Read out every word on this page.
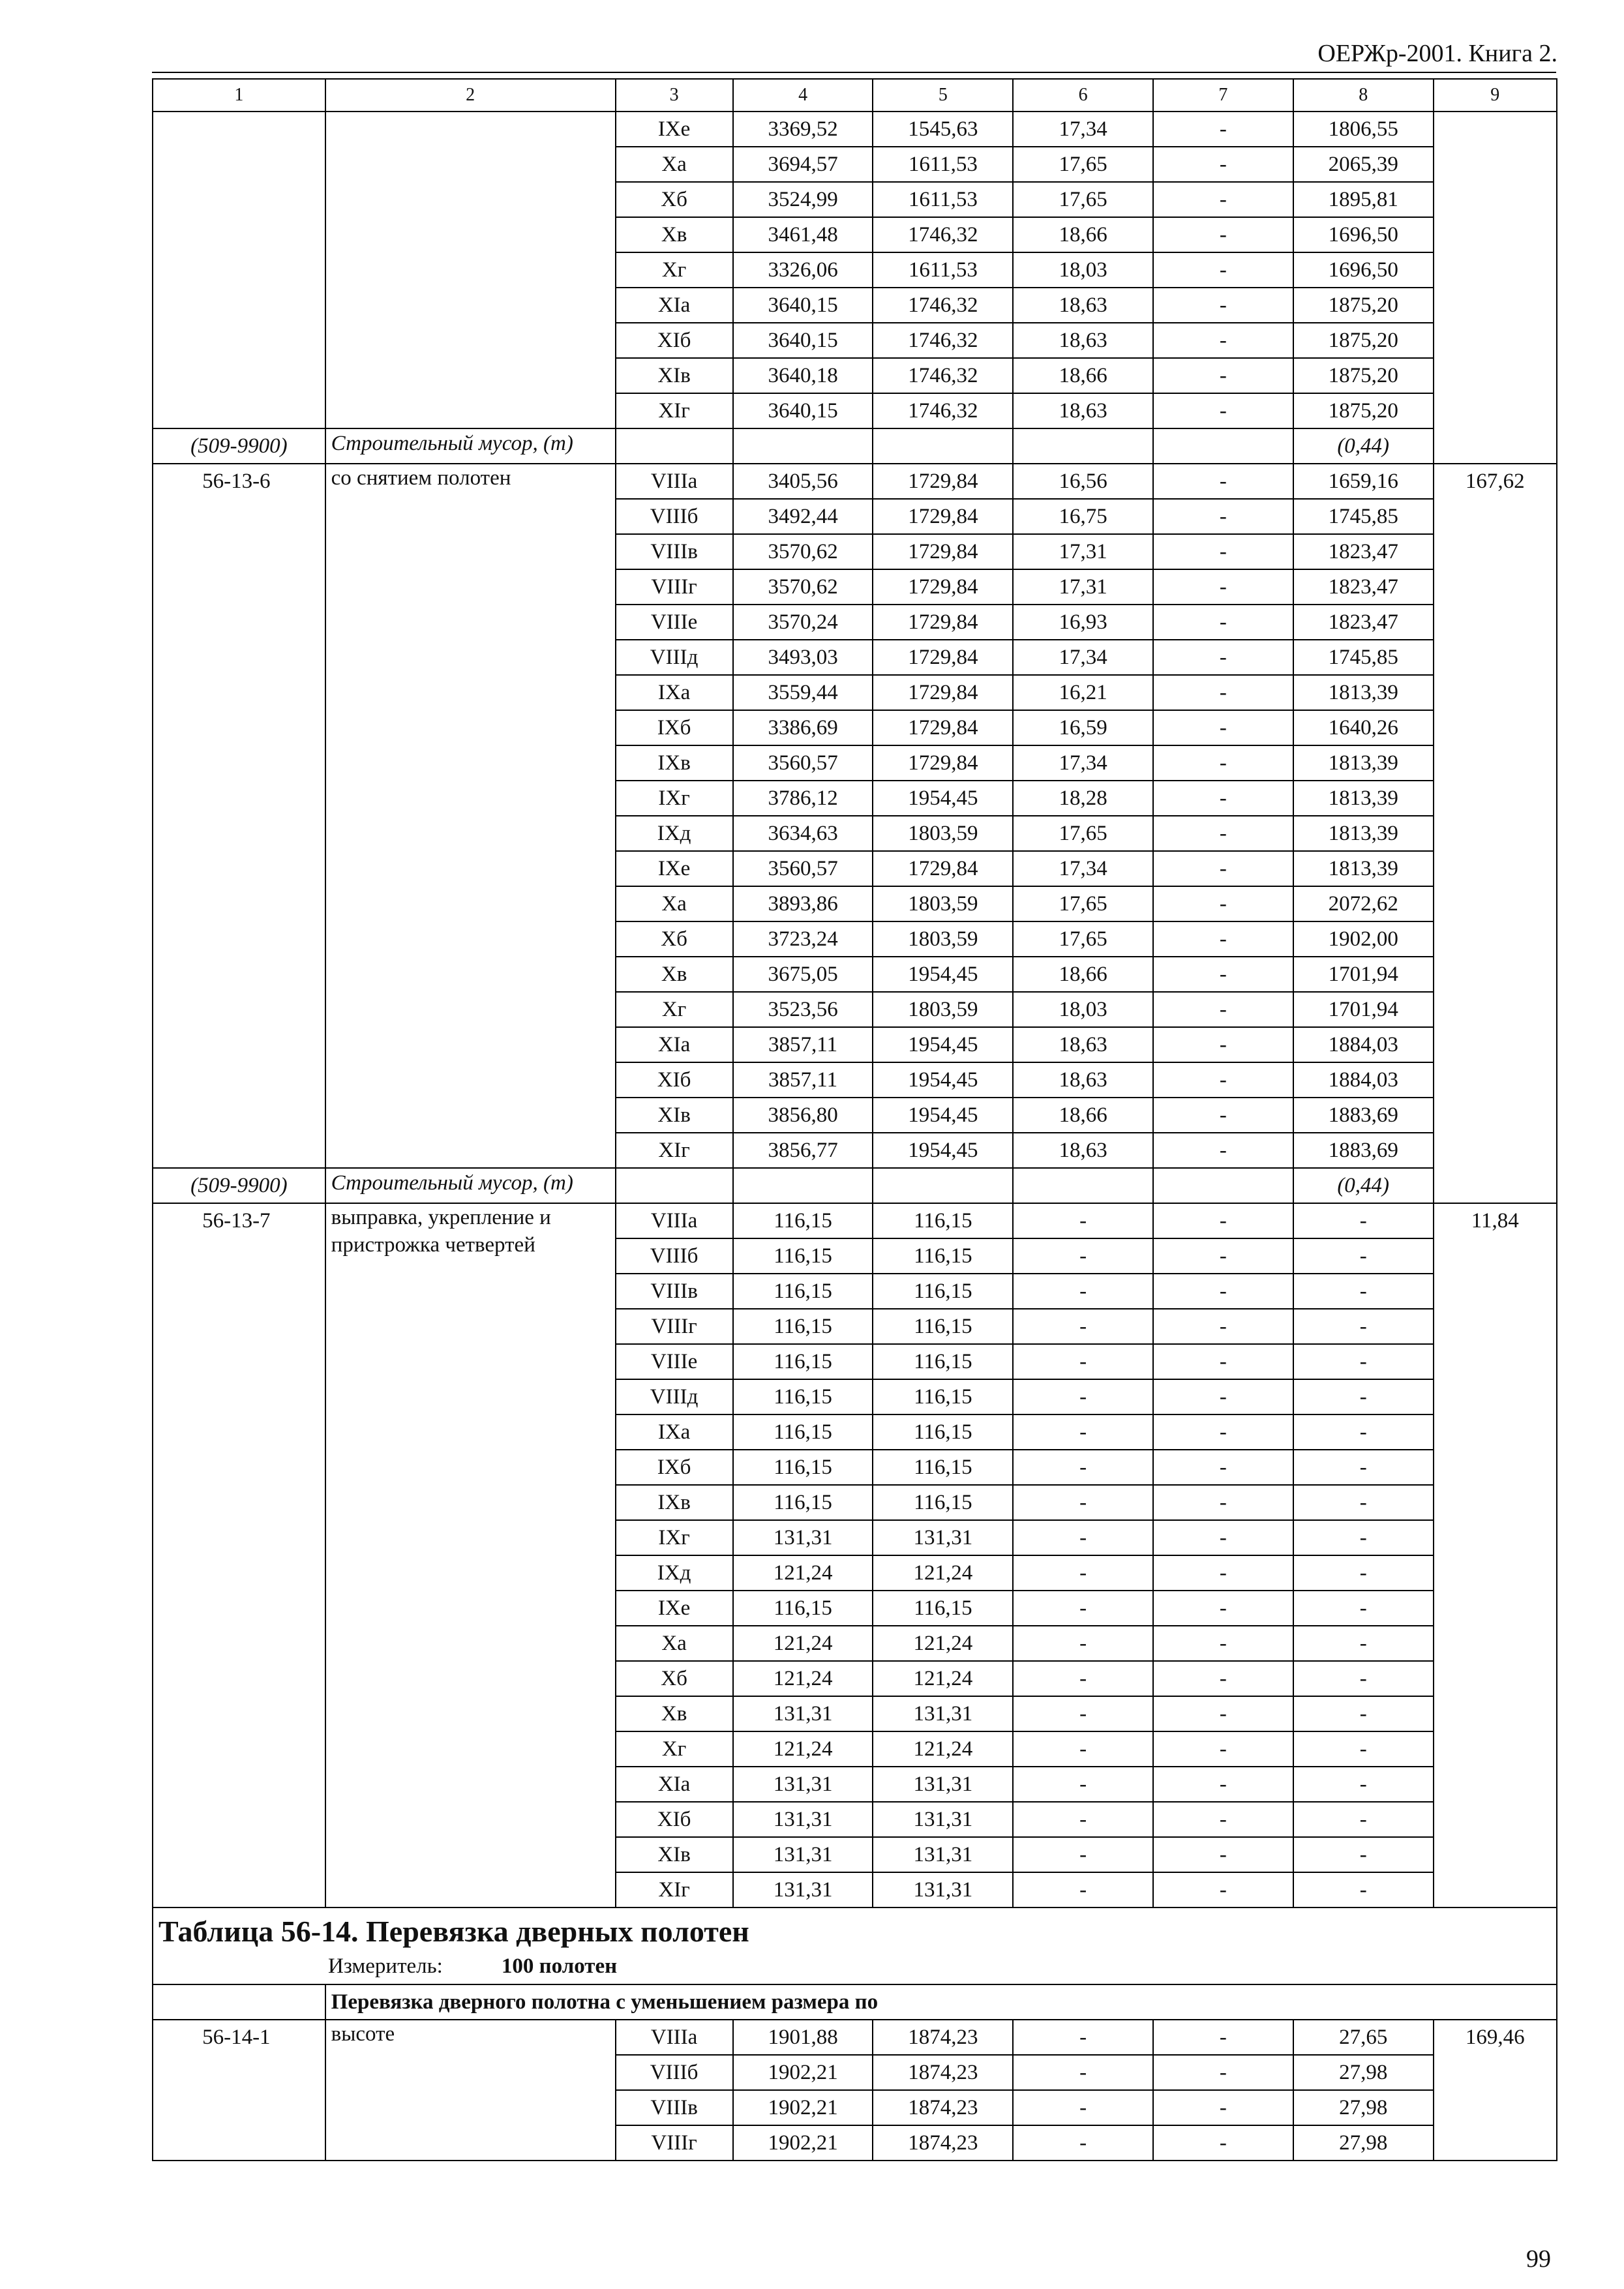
ОЕРЖр-2001. Книга 2.
1	2	3	4	5	6	7	8	9
		IXе	3369,52	1545,63	17,34	-	1806,55	
		Xа	3694,57	1611,53	17,65	-	2065,39	
		Xб	3524,99	1611,53	17,65	-	1895,81	
		Xв	3461,48	1746,32	18,66	-	1696,50	
		Xг	3326,06	1611,53	18,03	-	1696,50	
		XIа	3640,15	1746,32	18,63	-	1875,20	
		XIб	3640,15	1746,32	18,63	-	1875,20	
		XIв	3640,18	1746,32	18,66	-	1875,20	
		XIг	3640,15	1746,32	18,63	-	1875,20	
(509-9900)	Строительный мусор, (т)						(0,44)	
56-13-6	со снятием полотен	VIIIа	3405,56	1729,84	16,56	-	1659,16	167,62
		VIIIб	3492,44	1729,84	16,75	-	1745,85	
		VIIIв	3570,62	1729,84	17,31	-	1823,47	
		VIIIг	3570,62	1729,84	17,31	-	1823,47	
		VIIIе	3570,24	1729,84	16,93	-	1823,47	
		VIIIд	3493,03	1729,84	17,34	-	1745,85	
		IXа	3559,44	1729,84	16,21	-	1813,39	
		IXб	3386,69	1729,84	16,59	-	1640,26	
		IXв	3560,57	1729,84	17,34	-	1813,39	
		IXг	3786,12	1954,45	18,28	-	1813,39	
		IXд	3634,63	1803,59	17,65	-	1813,39	
		IXе	3560,57	1729,84	17,34	-	1813,39	
		Xа	3893,86	1803,59	17,65	-	2072,62	
		Xб	3723,24	1803,59	17,65	-	1902,00	
		Xв	3675,05	1954,45	18,66	-	1701,94	
		Xг	3523,56	1803,59	18,03	-	1701,94	
		XIа	3857,11	1954,45	18,63	-	1884,03	
		XIб	3857,11	1954,45	18,63	-	1884,03	
		XIв	3856,80	1954,45	18,66	-	1883,69	
		XIг	3856,77	1954,45	18,63	-	1883,69	
(509-9900)	Строительный мусор, (т)						(0,44)	
56-13-7	выправка, укрепление и пристрожка четвертей	VIIIа	116,15	116,15	-	-	-	11,84
		VIIIб	116,15	116,15	-	-	-	
		VIIIв	116,15	116,15	-	-	-	
		VIIIг	116,15	116,15	-	-	-	
		VIIIе	116,15	116,15	-	-	-	
		VIIIд	116,15	116,15	-	-	-	
		IXа	116,15	116,15	-	-	-	
		IXб	116,15	116,15	-	-	-	
		IXв	116,15	116,15	-	-	-	
		IXг	131,31	131,31	-	-	-	
		IXд	121,24	121,24	-	-	-	
		IXе	116,15	116,15	-	-	-	
		Xа	121,24	121,24	-	-	-	
		Xб	121,24	121,24	-	-	-	
		Xв	131,31	131,31	-	-	-	
		Xг	121,24	121,24	-	-	-	
		XIа	131,31	131,31	-	-	-	
		XIб	131,31	131,31	-	-	-	
		XIв	131,31	131,31	-	-	-	
		XIг	131,31	131,31	-	-	-	

Таблица 56-14. Перевязка дверных полотен
Измеритель: 100 полотен								

	Перевязка дверного полотна с уменьшением размера по							
56-14-1	высоте	VIIIа	1901,88	1874,23	-	-	27,65	169,46
		VIIIб	1902,21	1874,23	-	-	27,98	
		VIIIв	1902,21	1874,23	-	-	27,98	
		VIIIг	1902,21	1874,23	-	-	27,98	
99
